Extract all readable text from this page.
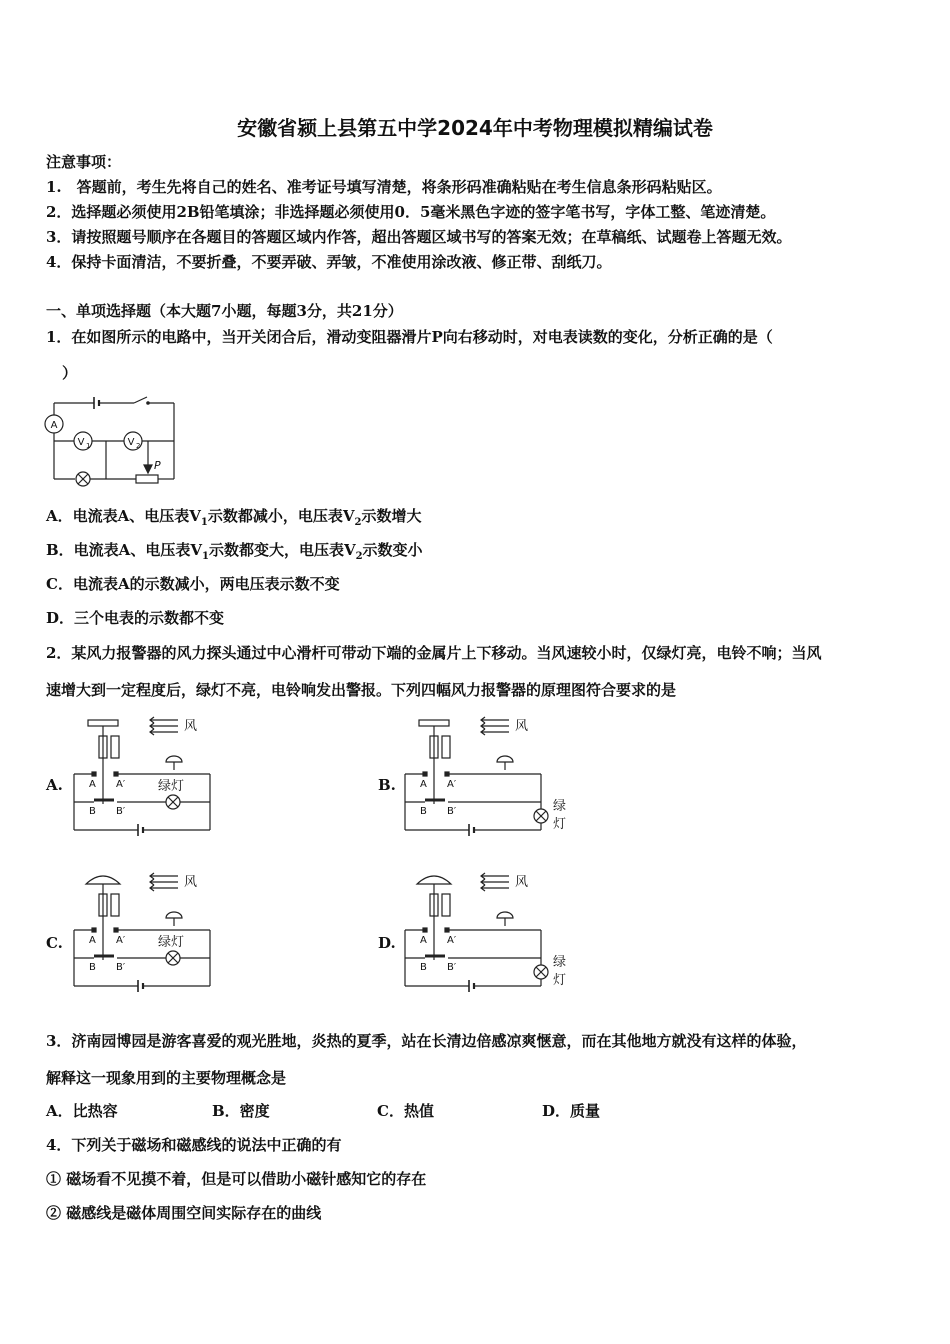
安徽省颍上县第五中学2024年中考物理模拟精编试卷
注意事项：
1.　答题前，考生先将自己的姓名、准考证号填写清楚，将条形码准确粘贴在考生信息条形码粘贴区。
2．选择题必须使用2B铅笔填涂；非选择题必须使用0．5毫米黑色字迹的签字笔书写，字体工整、笔迹清楚。
3．请按照题号顺序在各题目的答题区域内作答，超出答题区域书写的答案无效；在草稿纸、试题卷上答题无效。
4．保持卡面清洁，不要折叠，不要弄破、弄皱，不准使用涂改液、修正带、刮纸刀。
一、单项选择题（本大题7小题，每题3分，共21分）
1．在如图所示的电路中，当开关闭合后，滑动变阻器滑片P向右移动时，对电表读数的变化，分析正确的是（
）
A
V 1	V 2
P
A．电流表A、电压表$V_1$示数都减小，电压表$V_2$示数增大
B．电流表A、电压表$V_1$示数都变大，电压表$V_2$示数变小
C．电流表A的示数减小，两电压表示数不变
D．三个电表的示数都不变
2．某风力报警器的风力探头通过中心滑杆可带动下端的金属片上下移动。当风速较小时，仅绿灯亮，电铃不响；当风
速增大到一定程度后，绿灯不亮，电铃响发出警报。下列四幅风力报警器的原理图符合要求的是
A.
风
绿灯
A A′
B B′
B.
风
绿
灯
A A′
B B′
C.
风
绿灯
A A′
B B′
D.
风
绿
灯
A A′
B B′
3．济南园博园是游客喜爱的观光胜地，炎热的夏季，站在长清边倍感凉爽惬意，而在其他地方就没有这样的体验，
解释这一现象用到的主要物理概念是
A．比热容	B．密度	C．热值	D．质量
4．下列关于磁场和磁感线的说法中正确的有
① 磁场看不见摸不着，但是可以借助小磁针感知它的存在
② 磁感线是磁体周围空间实际存在的曲线
